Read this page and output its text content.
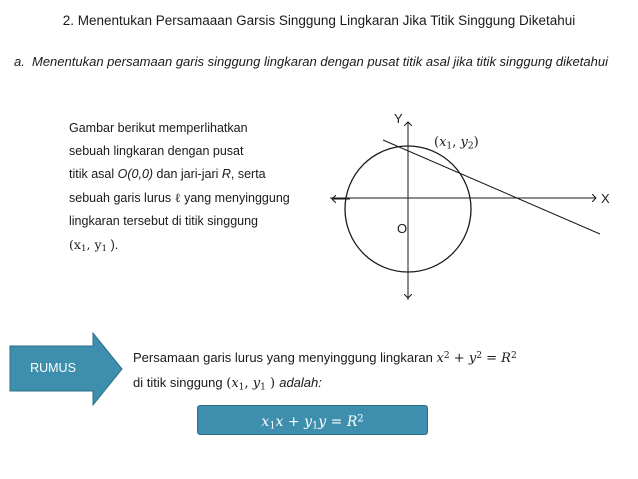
2. Menentukan Persamaaan Garsis Singgung Lingkaran Jika Titik Singgung Diketahui
a. Menentukan persamaan garis singgung lingkaran dengan pusat titik asal jika titik singgung diketahui
Gambar berikut memperlihatkan
sebuah lingkaran dengan pusat
titik asal O(0,0) dan jari-jari R, serta
sebuah garis lurus ℓ yang menyinggung
lingkaran tersebut di titik singgung
($x_1$, $y_1$ ).
Y
X
O
($x_1$, $y_2$)
RUMUS
Persamaan garis lurus yang menyinggung lingkaran $x^2 + y^2 = R^2$
di titik singgung ($x_1$, $y_1$ ) adalah:
$x_1x + y_1y = R^2$
